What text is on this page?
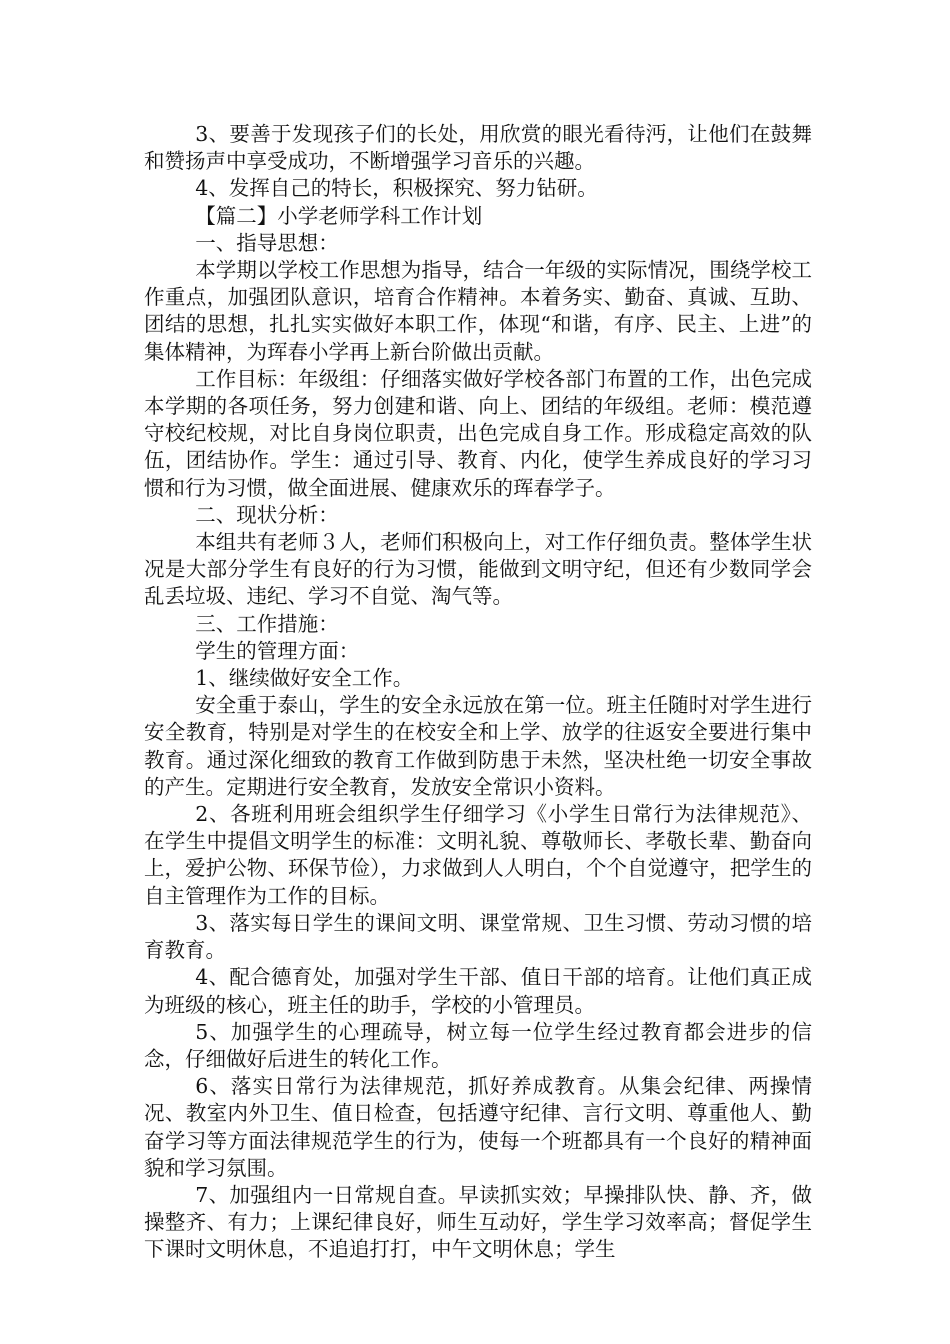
3、要善于发现孩子们的长处，用欣赏的眼光看待沔，让他们在鼓舞和赞扬声中享受成功，不断增强学习音乐的兴趣。

4、发挥自己的特长，积极探究、努力钻研。

【篇二】小学老师学科工作计划

一、指导思想：

本学期以学校工作思想为指导，结合一年级的实际情况，围绕学校工作重点，加强团队意识，培育合作精神。本着务实、勤奋、真诚、互助、团结的思想，扎扎实实做好本职工作，体现“和谐，有序、民主、上进”的集体精神，为珲春小学再上新台阶做出贡献。

工作目标：年级组：仔细落实做好学校各部门布置的工作，出色完成本学期的各项任务，努力创建和谐、向上、团结的年级组。老师：模范遵守校纪校规，对比自身岗位职责，出色完成自身工作。形成稳定高效的队伍，团结协作。学生：通过引导、教育、内化，使学生养成良好的学习习惯和行为习惯，做全面进展、健康欢乐的珲春学子。

二、现状分析：

本组共有老师３人，老师们积极向上，对工作仔细负责。整体学生状况是大部分学生有良好的行为习惯，能做到文明守纪，但还有少数同学会乱丢垃圾、违纪、学习不自觉、淘气等。

三、工作措施：

学生的管理方面：

1、继续做好安全工作。

安全重于泰山，学生的安全永远放在第一位。班主任随时对学生进行安全教育，特别是对学生的在校安全和上学、放学的往返安全要进行集中教育。通过深化细致的教育工作做到防患于未然，坚决杜绝一切安全事故的产生。定期进行安全教育，发放安全常识小资料。

2、各班利用班会组织学生仔细学习《小学生日常行为法律规范》、在学生中提倡文明学生的标准：文明礼貌、尊敬师长、孝敬长辈、勤奋向上，爱护公物、环保节俭），力求做到人人明白，个个自觉遵守，把学生的自主管理作为工作的目标。

3、落实每日学生的课间文明、课堂常规、卫生习惯、劳动习惯的培育教育。

4、配合德育处，加强对学生干部、值日干部的培育。让他们真正成为班级的核心，班主任的助手，学校的小管理员。

5、加强学生的心理疏导，树立每一位学生经过教育都会进步的信念，仔细做好后进生的转化工作。

6、落实日常行为法律规范，抓好养成教育。从集会纪律、两操情况、教室内外卫生、值日检查，包括遵守纪律、言行文明、尊重他人、勤奋学习等方面法律规范学生的行为，使每一个班都具有一个良好的精神面貌和学习氛围。

7、加强组内一日常规自查。早读抓实效；早操排队快、静、齐，做操整齐、有力；上课纪律良好，师生互动好，学生学习效率高；督促学生下课时文明休息，不追追打打，中午文明休息；学生
